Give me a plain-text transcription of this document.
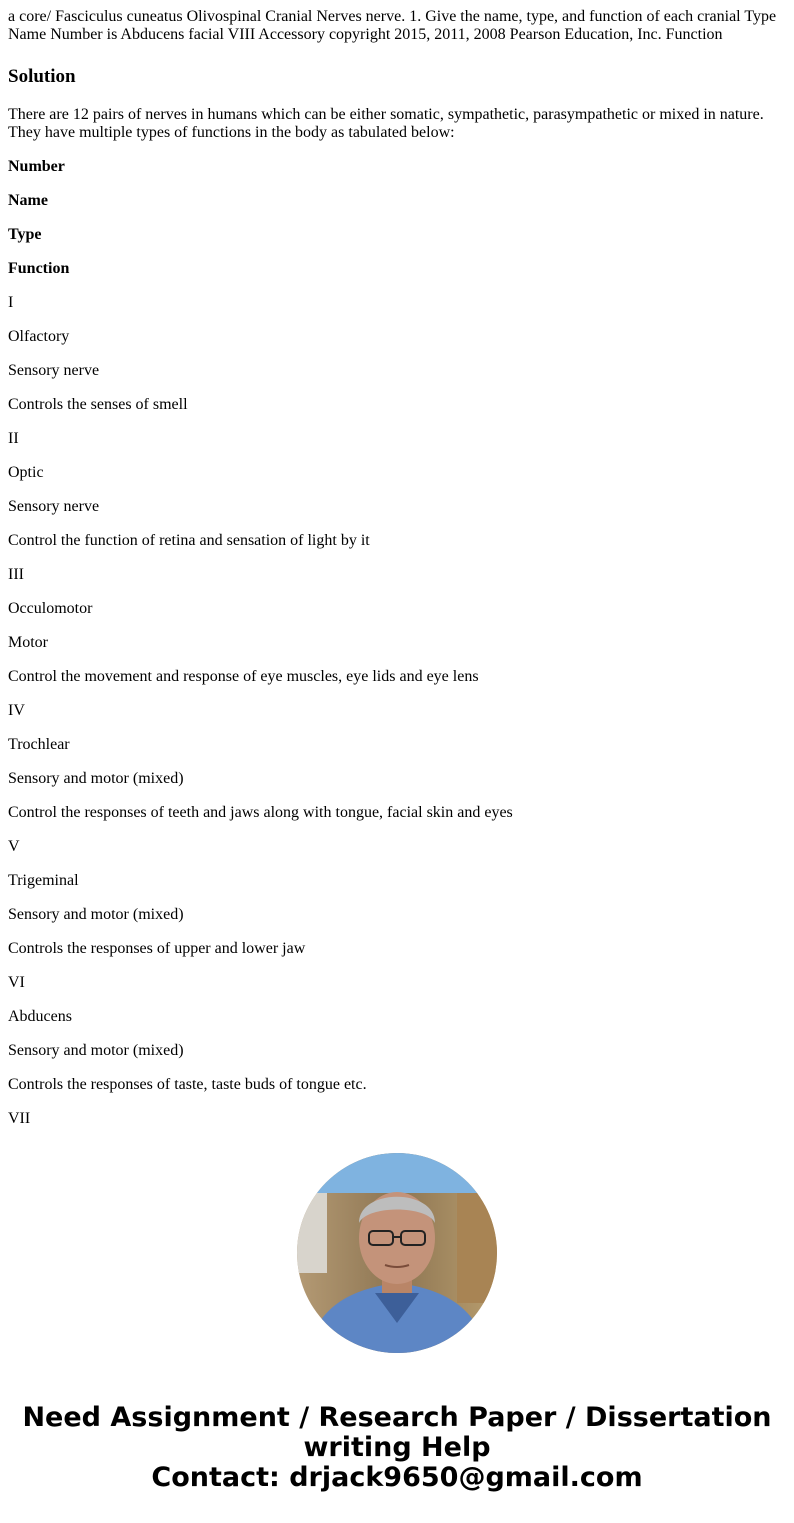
a core/ Fasciculus cuneatus Olivospinal Cranial Nerves nerve. 1. Give the name, type, and function of each cranial Type Name Number is Abducens facial VIII Accessory copyright 2015, 2011, 2008 Pearson Education, Inc. Function

Solution

There are 12 pairs of nerves in humans which can be either somatic, sympathetic, parasympathetic or mixed in nature. They have multiple types of functions in the body as tabulated below:

Number

Name

Type

Function

I

Olfactory

Sensory nerve

Controls the senses of smell

II

Optic

Sensory nerve

Control the function of retina and sensation of light by it

III

Occulomotor

Motor

Control the movement and response of eye muscles, eye lids and eye lens

IV

Trochlear

Sensory and motor (mixed)

Control the responses of teeth and jaws along with tongue, facial skin and eyes

V

Trigeminal

Sensory and motor (mixed)

Controls the responses of upper and lower jaw

VI

Abducens

Sensory and motor (mixed)

Controls the responses of taste, taste buds of tongue etc.

VII

Need Assignment / Research Paper / Dissertation
writing Help
Contact: drjack9650@gmail.com
